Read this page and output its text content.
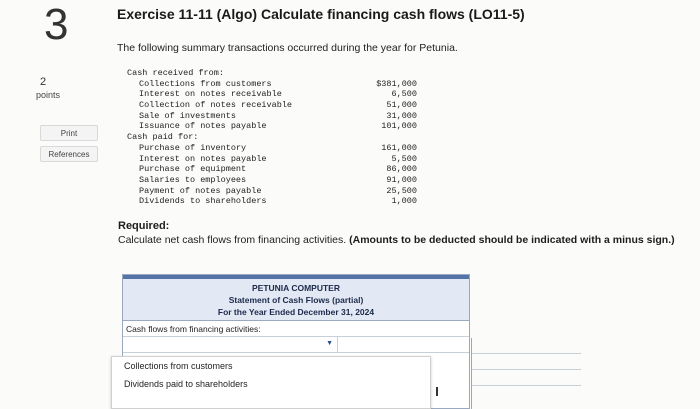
3
2
points
Print
References
Exercise 11-11 (Algo) Calculate financing cash flows (LO11-5)
The following summary transactions occurred during the year for Petunia.
Cash received from:
Collections from customers	$381,000
Interest on notes receivable	6,500
Collection of notes receivable	51,000
Sale of investments	31,000
Issuance of notes payable	101,000
Cash paid for:
Purchase of inventory	161,000
Interest on notes payable	5,500
Purchase of equipment	86,000
Salaries to employees	91,000
Payment of notes payable	25,500
Dividends to shareholders	1,000
Required:
Calculate net cash flows from financing activities. (Amounts to be deducted should be indicated with a minus sign.)
PETUNIA COMPUTER
Statement of Cash Flows (partial)
For the Year Ended December 31, 2024
Cash flows from financing activities:
▼
Collections from customers
Dividends paid to shareholders
